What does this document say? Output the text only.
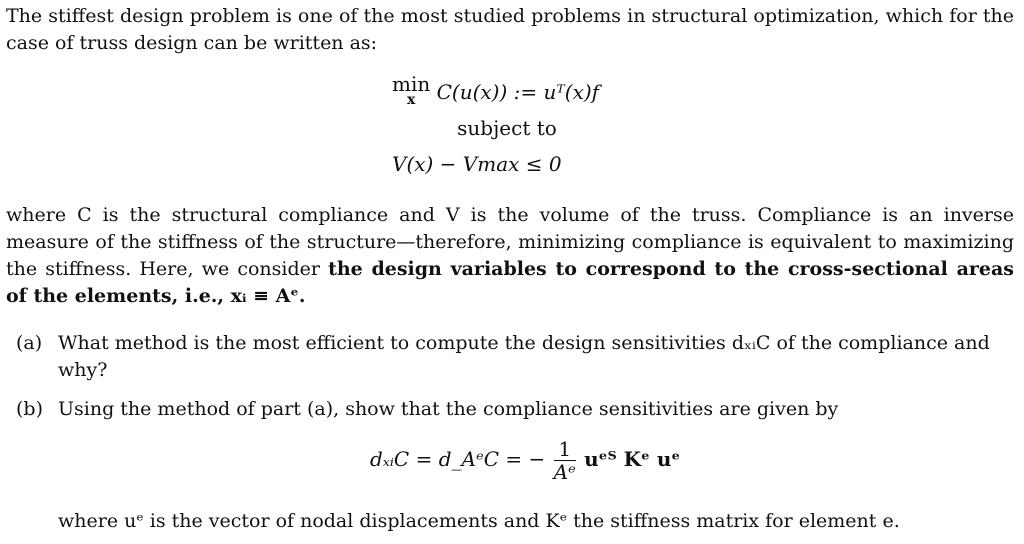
The stiffest design problem is one of the most studied problems in structural optimization, which for the case of truss design can be written as:

min
x	C(u(x)) := uᵀ(x)f
subject to
V(x) − Vmax ≤ 0

where C is the structural compliance and V is the volume of the truss. Compliance is an inverse measure of the stiffness of the structure—therefore, minimizing compliance is equivalent to maximizing the stiffness. Here, we consider the design variables to correspond to the cross-sectional areas of the elements, i.e., xᵢ ≡ Aᵉ.

(a) What method is the most efficient to compute the design sensitivities dₓᵢC of the compliance and why?
(b) Using the method of part (a), show that the compliance sensitivities are given by
dₓᵢC = d_AᵉC = − $\frac{1}{\text{Aᵉ}}$ uᵉᵀ Kᵉ uᵉ

where uᵉ is the vector of nodal displacements and Kᵉ the stiffness matrix for element e.
